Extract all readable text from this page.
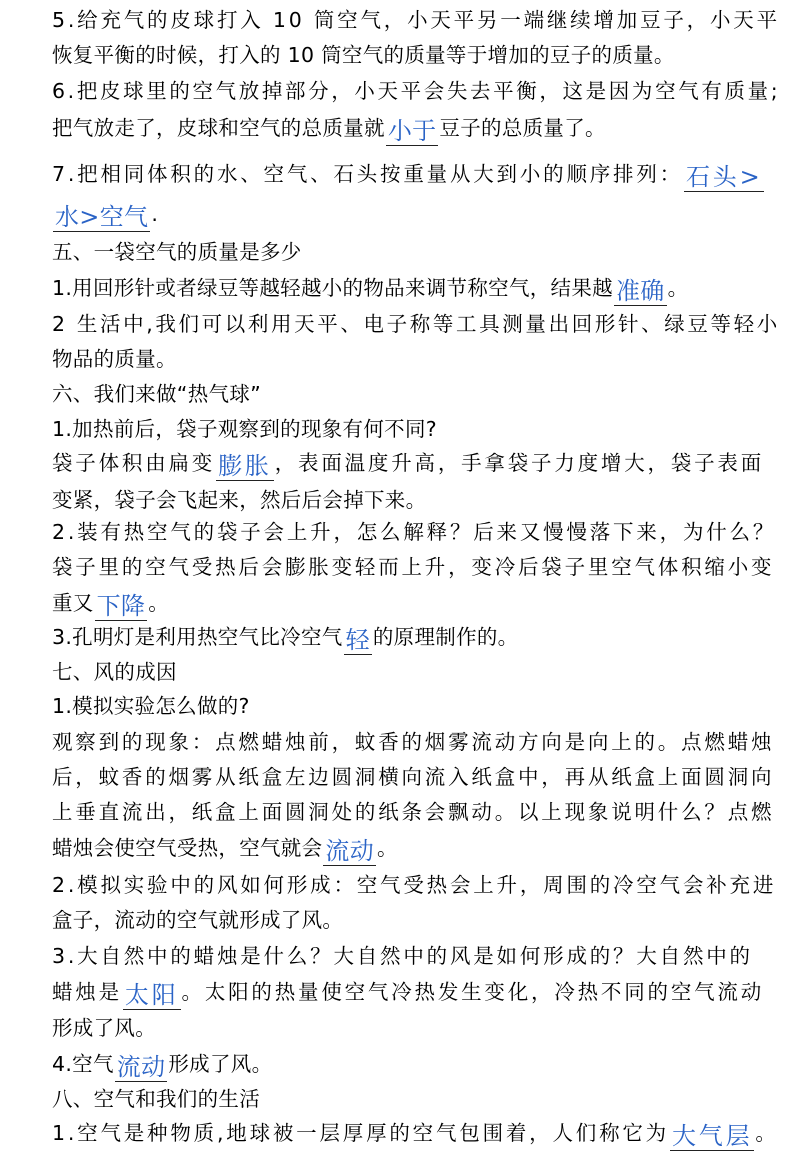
5.给充气的皮球打入 10 筒空气，小天平另一端继续增加豆子，小天平
恢复平衡的时候，打入的 10 筒空气的质量等于增加的豆子的质量。
6.把皮球里的空气放掉部分，小天平会失去平衡，这是因为空气有质量;
把气放走了，皮球和空气的总质量就 小于 豆子的总质量了。
7.把相同体积的水、空气、石头按重量从大到小的顺序排列： 石头>
水>空气 .
五、一袋空气的质量是多少
1.用回形针或者绿豆等越轻越小的物品来调节称空气，结果越 准确 。
2 生活中,我们可以利用天平、电子称等工具测量出回形针、绿豆等轻小
物品的质量。
六、我们来做“热气球”
1.加热前后，袋子观察到的现象有何不同?
袋子体积由扁变 膨胀 ，表面温度升高，手拿袋子力度增大，袋子表面
变紧，袋子会飞起来，然后后会掉下来。
2.装有热空气的袋子会上升，怎么解释？后来又慢慢落下来，为什么？
袋子里的空气受热后会膨胀变轻而上升，变冷后袋子里空气体积缩小变
重又 下降 。
3.孔明灯是利用热空气比冷空气 轻 的原理制作的。
七、风的成因
1.模拟实验怎么做的?
观察到的现象：点燃蜡烛前，蚊香的烟雾流动方向是向上的。点燃蜡烛
后，蚊香的烟雾从纸盒左边圆洞横向流入纸盒中，再从纸盒上面圆洞向
上垂直流出，纸盒上面圆洞处的纸条会飘动。以上现象说明什么？点燃
蜡烛会使空气受热，空气就会 流动 。
2.模拟实验中的风如何形成：空气受热会上升，周围的冷空气会补充进
盒子，流动的空气就形成了风。
3.大自然中的蜡烛是什么？大自然中的风是如何形成的？大自然中的
蜡烛是 太阳 。太阳的热量使空气冷热发生变化，冷热不同的空气流动
形成了风。
4.空气 流动 形成了风。
八、空气和我们的生活
1.空气是种物质,地球被一层厚厚的空气包围着，人们称它为 大气层 。
